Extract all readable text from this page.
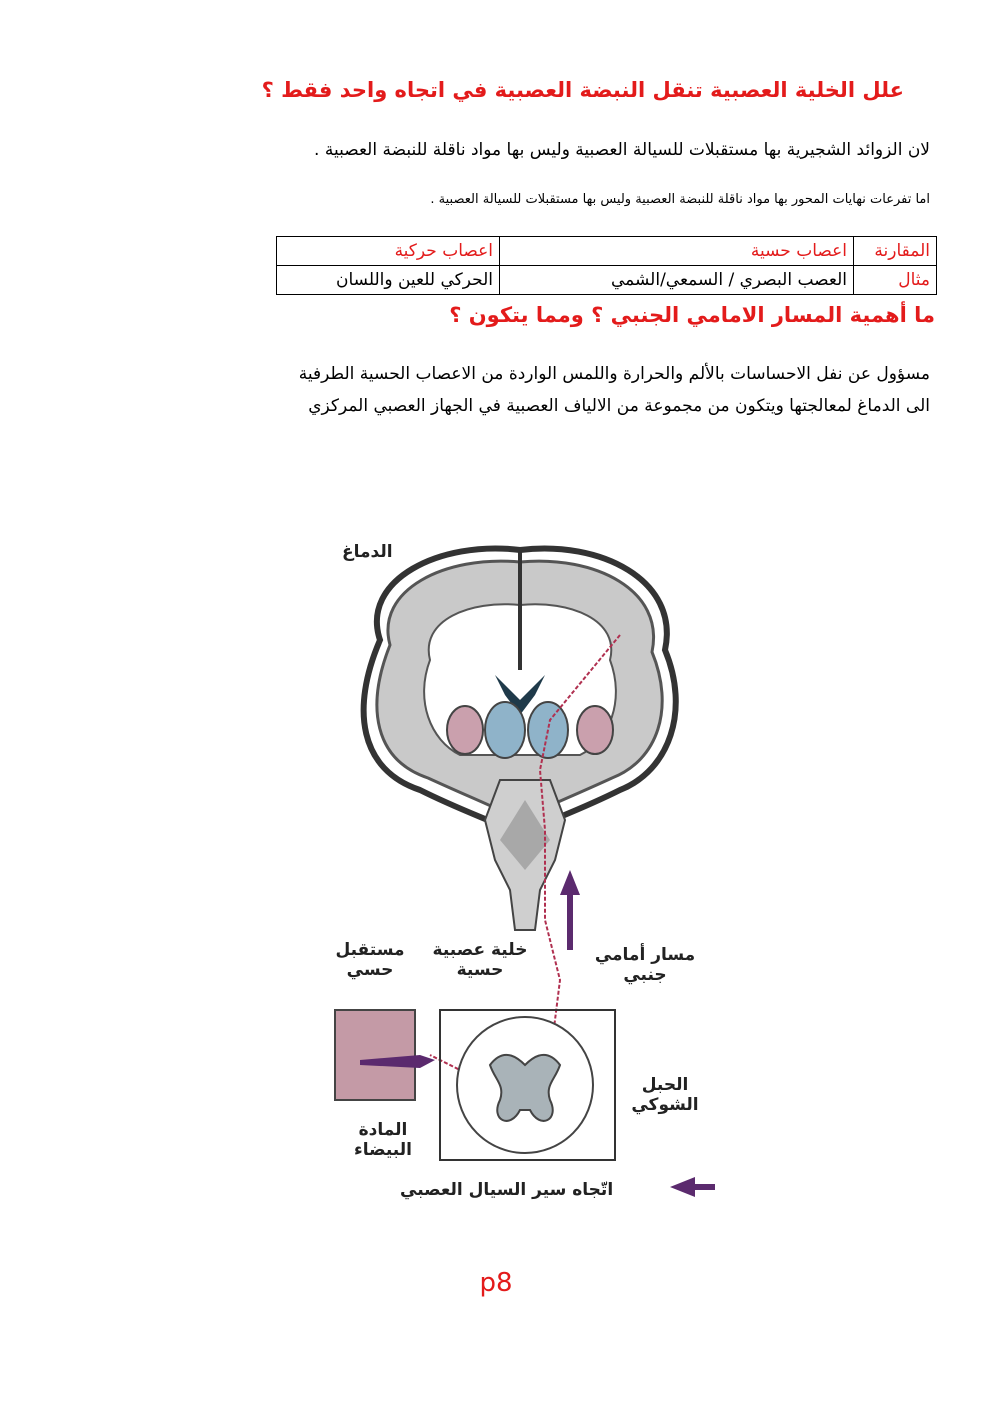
علل الخلية العصبية تنقل النبضة العصبية في اتجاه واحد فقط ؟
لان الزوائد الشجيرية بها مستقبلات للسيالة العصبية وليس بها مواد ناقلة للنبضة العصبية .
اما تفرعات نهايات المحور بها مواد ناقلة للنبضة العصبية وليس بها مستقبلات للسيالة العصبية .
المقارنة	اعصاب حسية	اعصاب حركية
مثال	العصب البصري / السمعي/الشمي	الحركي للعين واللسان
ما أهمية المسار الامامي الجنبي ؟ ومما يتكون ؟
مسؤول عن نفل الاحساسات بالألم والحرارة واللمس الواردة من الاعصاب الحسية الطرفية
الى الدماغ لمعالجتها ويتكون من مجموعة من الالياف العصبية في الجهاز العصبي المركزي
الدماغ
مستقبل حسي
خلية عصبية حسية
مسار أمامي جنبي
الحبل الشوكي
المادة البيضاء
اتّجاه سير السيال العصبي
p8
